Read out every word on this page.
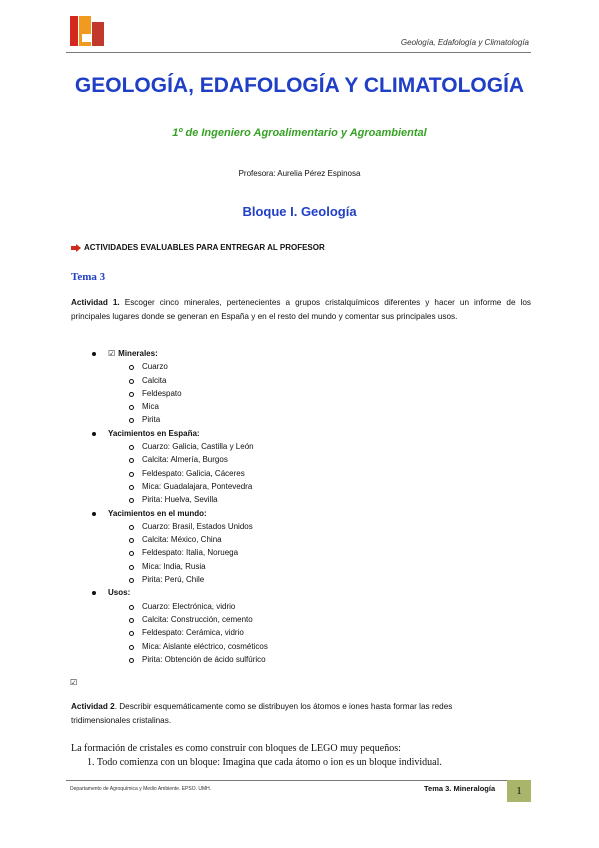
Geología, Edafología y Climatología
GEOLOGÍA, EDAFOLOGÍA Y CLIMATOLOGÍA
1º de Ingeniero Agroalimentario y Agroambiental
Profesora: Aurelia Pérez Espinosa
Bloque I. Geología
ACTIVIDADES EVALUABLES PARA ENTREGAR AL PROFESOR
Tema 3
Actividad 1. Escoger cinco minerales, pertenecientes a grupos cristalquímicos diferentes y hacer un informe de los principales lugares donde se generan en España y en el resto del mundo y comentar sus principales usos.
☑ Minerales:
Cuarzo
Calcita
Feldespato
Mica
Pirita
Yacimientos en España:
Cuarzo: Galicia, Castilla y León
Calcita: Almería, Burgos
Feldespato: Galicia, Cáceres
Mica: Guadalajara, Pontevedra
Pirita: Huelva, Sevilla
Yacimientos en el mundo:
Cuarzo: Brasil, Estados Unidos
Calcita: México, China
Feldespato: Italia, Noruega
Mica: India, Rusia
Pirita: Perú, Chile
Usos:
Cuarzo: Electrónica, vidrio
Calcita: Construcción, cemento
Feldespato: Cerámica, vidrio
Mica: Aislante eléctrico, cosméticos
Pirita: Obtención de ácido sulfúrico
☑
Actividad 2. Describir esquemáticamente como se distribuyen los átomos e iones hasta formar las redes tridimensionales cristalinas.
La formación de cristales es como construir con bloques de LEGO muy pequeños:
1. Todo comienza con un bloque: Imagina que cada átomo o ion es un bloque individual.
Departamento de Agroquímica y Medio Ambiente. EPSO. UMH.	Tema 3. Mineralogía	1
